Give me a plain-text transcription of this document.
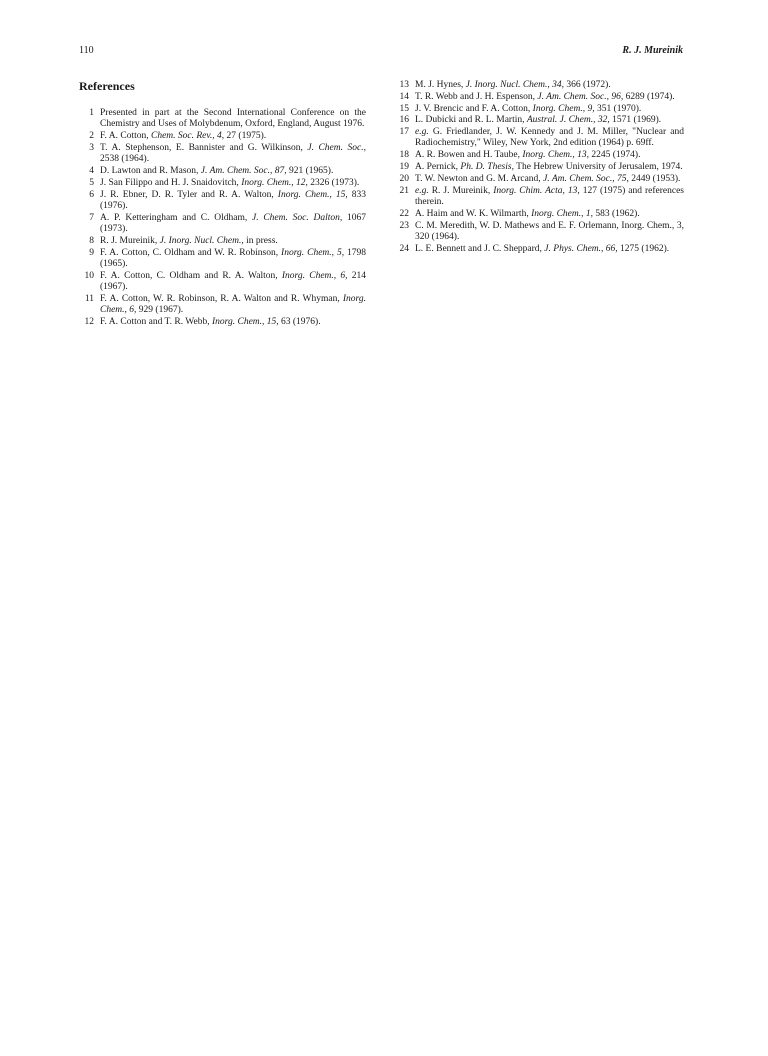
110	R. J. Mureinik
References
1 Presented in part at the Second International Conference on the Chemistry and Uses of Molybdenum, Oxford, England, August 1976.
2 F. A. Cotton, Chem. Soc. Rev., 4, 27 (1975).
3 T. A. Stephenson, E. Bannister and G. Wilkinson, J. Chem. Soc., 2538 (1964).
4 D. Lawton and R. Mason, J. Am. Chem. Soc., 87, 921 (1965).
5 J. San Filippo and H. J. Snaidovitch, Inorg. Chem., 12, 2326 (1973).
6 J. R. Ebner, D. R. Tyler and R. A. Walton, Inorg. Chem., 15, 833 (1976).
7 A. P. Ketteringham and C. Oldham, J. Chem. Soc. Dalton, 1067 (1973).
8 R. J. Mureinik, J. Inorg. Nucl. Chem., in press.
9 F. A. Cotton, C. Oldham and W. R. Robinson, Inorg. Chem., 5, 1798 (1965).
10 F. A. Cotton, C. Oldham and R. A. Walton, Inorg. Chem., 6, 214 (1967).
11 F. A. Cotton, W. R. Robinson, R. A. Walton and R. Whyman, Inorg. Chem., 6, 929 (1967).
12 F. A. Cotton and T. R. Webb, Inorg. Chem., 15, 63 (1976).
13 M. J. Hynes, J. Inorg. Nucl. Chem., 34, 366 (1972).
14 T. R. Webb and J. H. Espenson, J. Am. Chem. Soc., 96, 6289 (1974).
15 J. V. Brencic and F. A. Cotton, Inorg. Chem., 9, 351 (1970).
16 L. Dubicki and R. L. Martin, Austral. J. Chem., 32, 1571 (1969).
17 e.g. G. Friedlander, J. W. Kennedy and J. M. Miller, "Nuclear and Radiochemistry," Wiley, New York, 2nd edition (1964) p. 69ff.
18 A. R. Bowen and H. Taube, Inorg. Chem., 13, 2245 (1974).
19 A. Pernick, Ph. D. Thesis, The Hebrew University of Jerusalem, 1974.
20 T. W. Newton and G. M. Arcand, J. Am. Chem. Soc., 75, 2449 (1953).
21 e.g. R. J. Mureinik, Inorg. Chim. Acta, 13, 127 (1975) and references therein.
22 A. Haim and W. K. Wilmarth, Inorg. Chem., 1, 583 (1962).
23 C. M. Meredith, W. D. Mathews and E. F. Orlemann, Inorg. Chem., 3, 320 (1964).
24 L. E. Bennett and J. C. Sheppard, J. Phys. Chem., 66, 1275 (1962).
